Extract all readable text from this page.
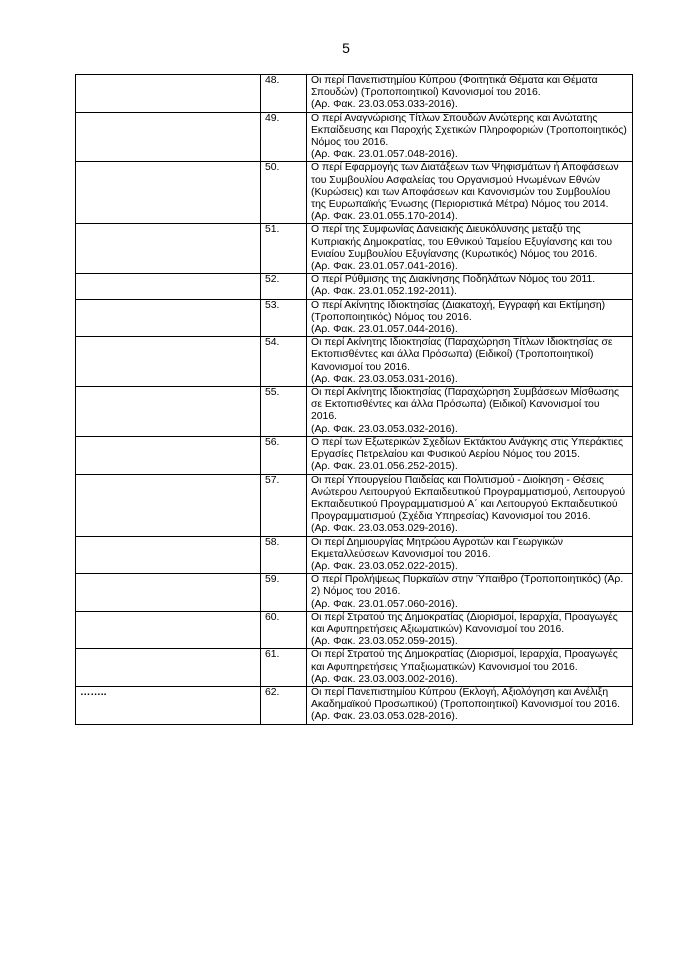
5
	48.	Οι περί Πανεπιστημίου Κύπρου (Φοιτητικά Θέματα και Θέματα Σπουδών) (Τροποποιητικοί) Κανονισμοί του 2016.
(Αρ. Φακ. 23.03.053.033-2016).

	49.	Ο περί Αναγνώρισης Τίτλων Σπουδών Ανώτερης και Ανώτατης Εκπαίδευσης και Παροχής Σχετικών Πληροφοριών (Τροποποιητικός) Νόμος του 2016.
(Αρ. Φακ. 23.01.057.048-2016).

	50.	Ο περί Εφαρμογής των Διατάξεων των Ψηφισμάτων ή Αποφάσεων του Συμβουλίου Ασφαλείας του Οργανισμού Ηνωμένων Εθνών (Κυρώσεις) και των Αποφάσεων και Κανονισμών του Συμβουλίου της Ευρωπαϊκής Ένωσης (Περιοριστικά Μέτρα) Νόμος του 2014.
(Αρ. Φακ. 23.01.055.170-2014).

	51.	Ο περί της Συμφωνίας Δανειακής Διευκόλυνσης μεταξύ της Κυπριακής Δημοκρατίας, του Εθνικού Ταμείου Εξυγίανσης και του Ενιαίου Συμβουλίου Εξυγίανσης (Κυρωτικός) Νόμος του 2016.
(Αρ. Φακ. 23.01.057.041-2016).

	52.	Ο περί Ρύθμισης της Διακίνησης Ποδηλάτων Νόμος του 2011.
(Αρ. Φακ. 23.01.052.192-2011).

	53.	Ο περί Ακίνητης Ιδιοκτησίας (Διακατοχή, Εγγραφή και Εκτίμηση) (Τροποποιητικός) Νόμος του 2016.
(Αρ. Φακ. 23.01.057.044-2016).

	54.	Οι περί Ακίνητης Ιδιοκτησίας (Παραχώρηση Τίτλων Ιδιοκτησίας σε Εκτοπισθέντες και άλλα Πρόσωπα) (Ειδικοί) (Τροποποιητικοί) Κανονισμοί του 2016.
(Αρ. Φακ. 23.03.053.031-2016).

	55.	Οι περί Ακίνητης Ιδιοκτησίας (Παραχώρηση Συμβάσεων Μίσθωσης σε Εκτοπισθέντες και άλλα Πρόσωπα) (Ειδικοί) Κανονισμοί του 2016.
(Αρ. Φακ. 23.03.053.032-2016).

	56.	Ο περί των Εξωτερικών Σχεδίων Εκτάκτου Ανάγκης στις Υπεράκτιες Εργασίες Πετρελαίου και Φυσικού Αερίου Νόμος του 2015.
(Αρ. Φακ. 23.01.056.252-2015).

	57.	Οι περί Υπουργείου Παιδείας και Πολιτισμού - Διοίκηση - Θέσεις Ανώτερου Λειτουργού Εκπαιδευτικού Προγραμματισμού, Λειτουργού Εκπαιδευτικού Προγραμματισμού Α΄ και Λειτουργού Εκπαιδευτικού Προγραμματισμού (Σχέδια Υπηρεσίας) Κανονισμοί του 2016.
(Αρ. Φακ. 23.03.053.029-2016).

	58.	Οι περί Δημιουργίας Μητρώου Αγροτών και Γεωργικών Εκμεταλλεύσεων Κανονισμοί του 2016.
(Αρ. Φακ. 23.03.052.022-2015).

	59.	Ο περί Προλήψεως Πυρκαϊών στην Ύπαιθρο (Τροποποιητικός) (Αρ. 2) Νόμος του 2016.
(Αρ. Φακ. 23.01.057.060-2016).

	60.	Οι περί Στρατού της Δημοκρατίας (Διορισμοί, Ιεραρχία, Προαγωγές και Αφυπηρετήσεις Αξιωματικών) Κανονισμοί του 2016.
(Αρ. Φακ. 23.03.052.059-2015).

	61.	Οι περί Στρατού της Δημοκρατίας (Διορισμοί, Ιεραρχία, Προαγωγές και Αφυπηρετήσεις Υπαξιωματικών) Κανονισμοί του 2016.
(Αρ. Φακ. 23.03.003.002-2016).

……..	62.	Οι περί Πανεπιστημίου Κύπρου (Εκλογή, Αξιολόγηση και Ανέλιξη Ακαδημαϊκού Προσωπικού) (Τροποποιητικοί) Κανονισμοί του 2016.
(Αρ. Φακ. 23.03.053.028-2016).
